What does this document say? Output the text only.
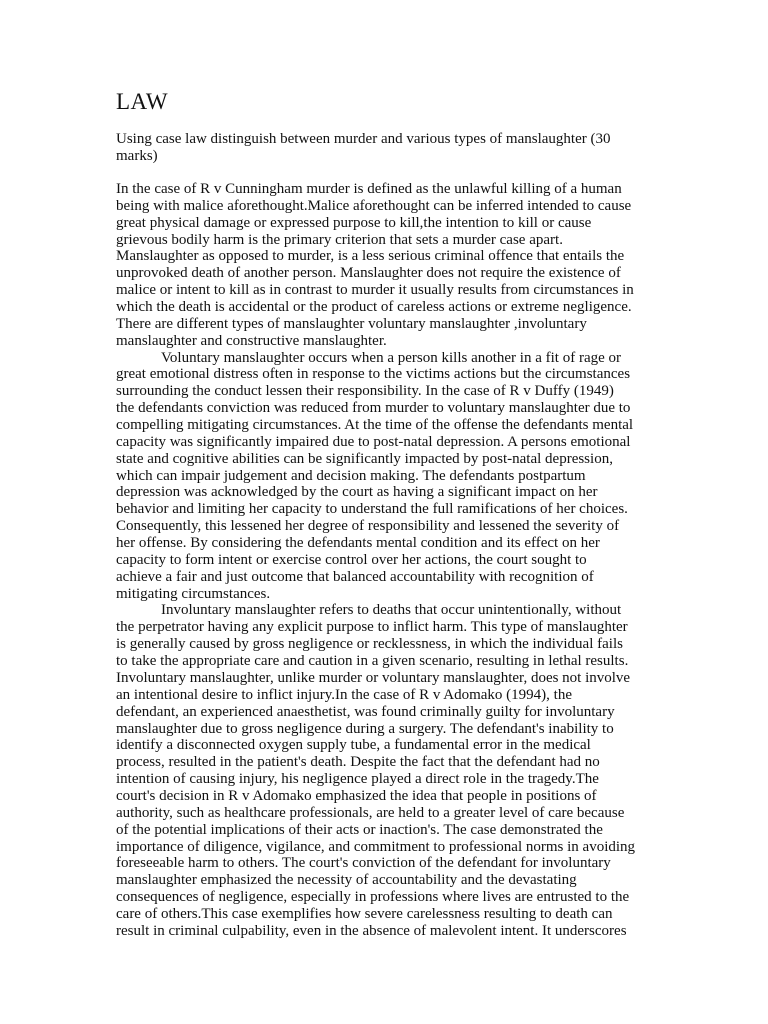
LAW

Using case law distinguish between murder and various types of manslaughter (30 marks)

In the case of R v Cunningham murder is defined as the unlawful killing of a human
being with malice aforethought.Malice aforethought can be inferred intended to cause
great physical damage or expressed purpose to kill,the intention to kill or cause
grievous bodily harm is the primary criterion that sets a murder case apart.
Manslaughter as opposed to murder, is a less serious criminal offence that entails the
unprovoked death of another person. Manslaughter does not require the existence of
malice or intent to kill as in contrast to murder it usually results from circumstances in
which the death is accidental or the product of careless actions or extreme negligence.
There are different types of manslaughter voluntary manslaughter ,involuntary
manslaughter and constructive manslaughter.
Voluntary manslaughter occurs when a person kills another in a fit of rage or
great emotional distress often in response to the victims actions but the circumstances
surrounding the conduct lessen their responsibility. In the case of R v Duffy (1949)
the defendants conviction was reduced from murder to voluntary manslaughter due to
compelling mitigating circumstances. At the time of the offense the defendants mental
capacity was significantly impaired due to post-natal depression. A persons emotional
state and cognitive abilities can be significantly impacted by post-natal depression,
which can impair judgement and decision making. The defendants postpartum
depression was acknowledged by the court as having a significant impact on her
behavior and limiting her capacity to understand the full ramifications of her choices.
Consequently, this lessened her degree of responsibility and lessened the severity of
her offense. By considering the defendants mental condition and its effect on her
capacity to form intent or exercise control over her actions, the court sought to
achieve a fair and just outcome that balanced accountability with recognition of
mitigating circumstances.
Involuntary manslaughter refers to deaths that occur unintentionally, without
the perpetrator having any explicit purpose to inflict harm. This type of manslaughter
is generally caused by gross negligence or recklessness, in which the individual fails
to take the appropriate care and caution in a given scenario, resulting in lethal results.
Involuntary manslaughter, unlike murder or voluntary manslaughter, does not involve
an intentional desire to inflict injury.In the case of R v Adomako (1994), the
defendant, an experienced anaesthetist, was found criminally guilty for involuntary
manslaughter due to gross negligence during a surgery. The defendant's inability to
identify a disconnected oxygen supply tube, a fundamental error in the medical
process, resulted in the patient's death. Despite the fact that the defendant had no
intention of causing injury, his negligence played a direct role in the tragedy.The
court's decision in R v Adomako emphasized the idea that people in positions of
authority, such as healthcare professionals, are held to a greater level of care because
of the potential implications of their acts or inaction's. The case demonstrated the
importance of diligence, vigilance, and commitment to professional norms in avoiding
foreseeable harm to others. The court's conviction of the defendant for involuntary
manslaughter emphasized the necessity of accountability and the devastating
consequences of negligence, especially in professions where lives are entrusted to the
care of others.This case exemplifies how severe carelessness resulting to death can
result in criminal culpability, even in the absence of malevolent intent. It underscores
